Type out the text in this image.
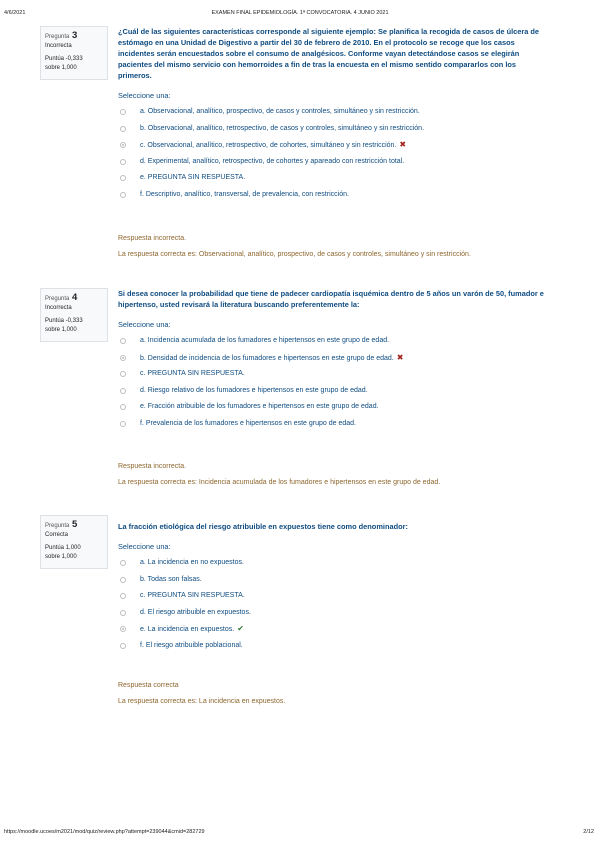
4/6/2021	EXAMEN FINAL EPIDEMIOLOGÍA. 1ª CONVOCATORIA. 4 JUNIO 2021
Pregunta 3
Incorrecta
Puntúa -0,333
sobre 1,000

¿Cuál de las siguientes características corresponde al siguiente ejemplo: Se planifica la recogida de casos de úlcera de estómago en una Unidad de Digestivo a partir del 30 de febrero de 2010. En el protocolo se recoge que los casos incidentes serán encuestados sobre el consumo de analgésicos. Conforme vayan detectándose casos se elegirán pacientes del mismo servicio con hemorroides a fin de tras la encuesta en el mismo sentido compararlos con los primeros.

Seleccione una:
a. Observacional, analítico, prospectivo, de casos y controles, simultáneo y sin restricción.
b. Observacional, analítico, retrospectivo, de casos y controles, simultáneo y sin restricción.
c. Observacional, analítico, retrospectivo, de cohortes, simultáneo y sin restricción. ✖
d. Experimental, analítico, retrospectivo, de cohortes y apareado con restricción total.
e. PREGUNTA SIN RESPUESTA.
f. Descriptivo, analítico, transversal, de prevalencia, con restricción.
Respuesta incorrecta.
La respuesta correcta es: Observacional, analítico, prospectivo, de casos y controles, simultáneo y sin restricción.
Pregunta 4
Incorrecta
Puntúa -0,333
sobre 1,000

Si desea conocer la probabilidad que tiene de padecer cardiopatía isquémica dentro de 5 años un varón de 50, fumador e hipertenso, usted revisará la literatura buscando preferentemente la:

Seleccione una:
a. Incidencia acumulada de los fumadores e hipertensos en este grupo de edad.
b. Densidad de incidencia de los fumadores e hipertensos en este grupo de edad. ✖
c. PREGUNTA SIN RESPUESTA.
d. Riesgo relativo de los fumadores e hipertensos en este grupo de edad.
e. Fracción atribuible de los fumadores e hipertensos en este grupo de edad.
f. Prevalencia de los fumadores e hipertensos en este grupo de edad.
Respuesta incorrecta.
La respuesta correcta es: Incidencia acumulada de los fumadores e hipertensos en este grupo de edad.
Pregunta 5
Correcta
Puntúa 1,000
sobre 1,000

La fracción etiológica del riesgo atribuible en expuestos tiene como denominador:

Seleccione una:
a. La incidencia en no expuestos.
b. Todas son falsas.
c. PREGUNTA SIN RESPUESTA.
d. El riesgo atribuible en expuestos.
e. La incidencia en expuestos. ✔
f. El riesgo atribuible poblacional.
Respuesta correcta
La respuesta correcta es: La incidencia en expuestos.
https://moodle.ucoes/m2021/mod/quiz/review.php?attempt=239044&cmid=282729	2/12
